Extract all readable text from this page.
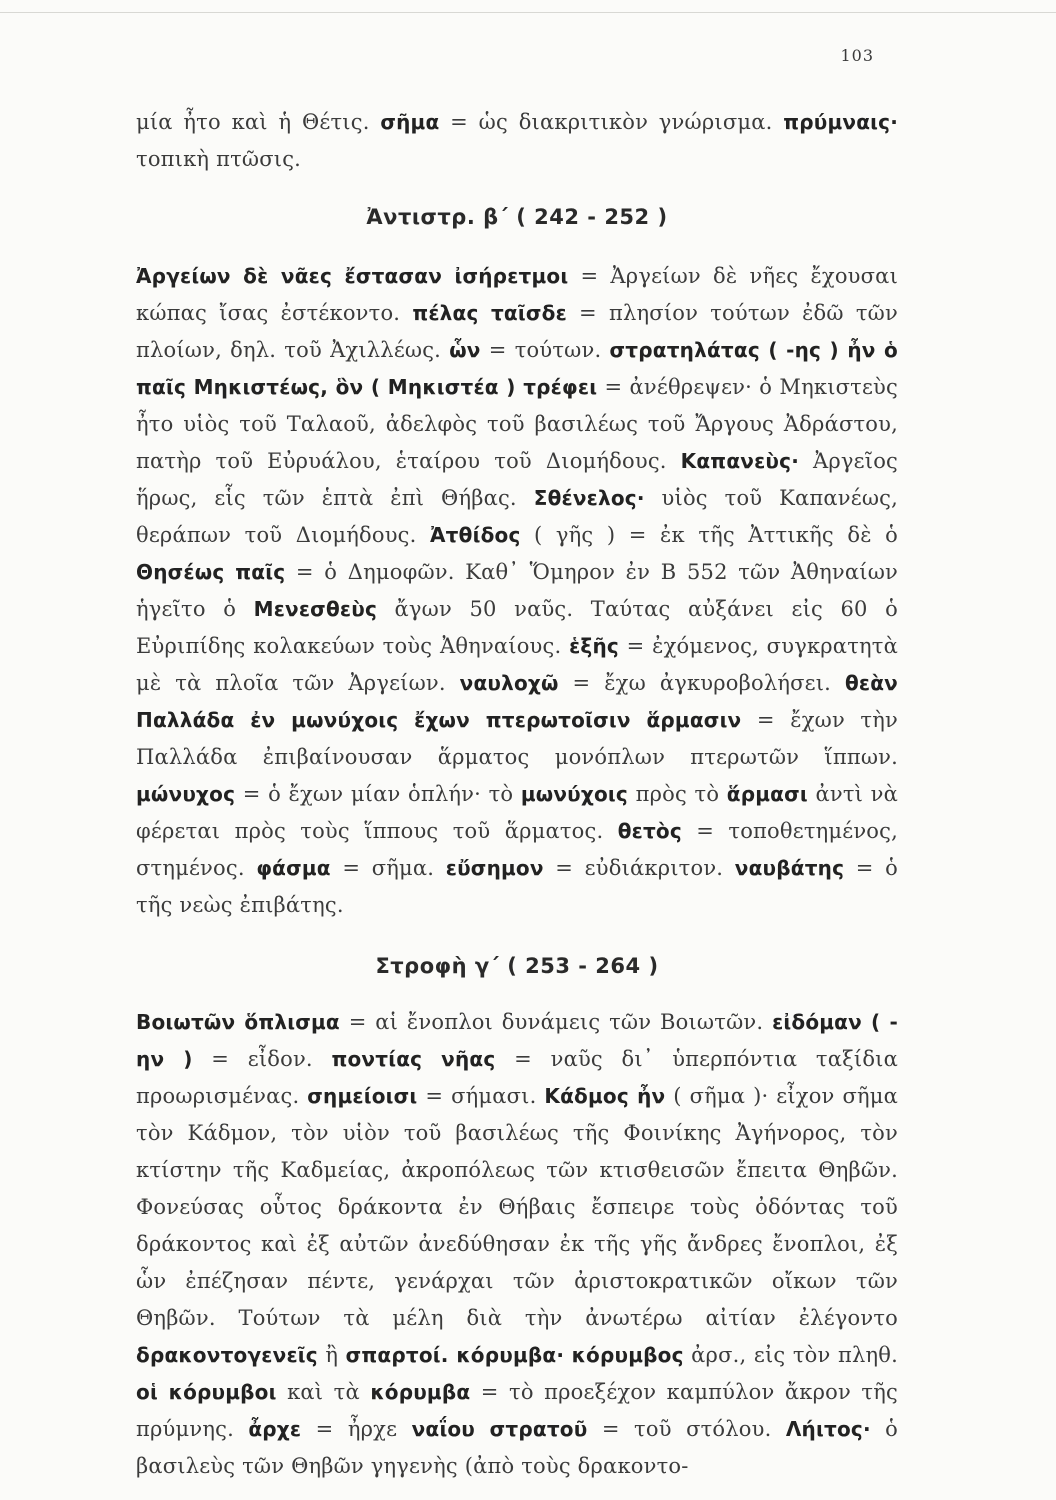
103

μία ἦτο καὶ ἡ Θέτις. σῆμα = ὡς διακριτικὸν γνώρισμα. πρύμναις· τοπικὴ πτῶσις.

Ἀντιστρ. β΄ ( 242 - 252 )

Ἀργείων δὲ νᾶες ἔστασαν ἰσήρετμοι = Ἀργείων δὲ νῆες ἔχουσαι κώπας ἴσας ἐστέκοντο. πέλας ταῖσδε = πλησίον τούτων ἐδῶ τῶν πλοίων, δηλ. τοῦ Ἀχιλλέως. ὧν = τούτων. στρατηλάτας ( -ης ) ἦν ὁ παῖς Μηκιστέως, ὃν ( Μηκιστέα ) τρέφει = ἀνέθρεψεν· ὁ Μηκιστεὺς ἦτο υἱὸς τοῦ Ταλαοῦ, ἀδελφὸς τοῦ βασιλέως τοῦ Ἄργους Ἀδράστου, πατὴρ τοῦ Εὐρυάλου, ἑταίρου τοῦ Διομήδους. Καπανεὺς· Ἀργεῖος ἥρως, εἷς τῶν ἑπτὰ ἐπὶ Θήβας. Σθένελος· υἱὸς τοῦ Καπανέως, θεράπων τοῦ Διομήδους. Ἀτθίδος ( γῆς ) = ἐκ τῆς Ἀττικῆς δὲ ὁ Θησέως παῖς = ὁ Δημοφῶν. Καθ᾿ Ὅμηρον ἐν Β 552 τῶν Ἀθηναίων ἡγεῖτο ὁ Μενεσθεὺς ἄγων 50 ναῦς. Ταύτας αὐξάνει εἰς 60 ὁ Εὐριπίδης κολακεύων τοὺς Ἀθηναίους. ἑξῆς = ἐχόμενος, συγκρατητὰ μὲ τὰ πλοῖα τῶν Ἀργείων. ναυλοχῶ = ἔχω ἀγκυροβολήσει. θεὰν Παλλάδα ἐν μωνύχοις ἔχων πτερωτοῖσιν ἅρμασιν = ἔχων τὴν Παλλάδα ἐπιβαίνουσαν ἅρματος μονόπλων πτερωτῶν ἵππων. μώνυχος = ὁ ἔχων μίαν ὁπλήν· τὸ μωνύχοις πρὸς τὸ ἅρμασι ἀντὶ νὰ φέρεται πρὸς τοὺς ἵππους τοῦ ἅρματος. θετὸς = τοποθετημένος, στημένος. φάσμα = σῆμα. εὔσημον = εὐδιάκριτον. ναυβάτης = ὁ τῆς νεὼς ἐπιβάτης.

Στροφὴ γ΄ ( 253 - 264 )

Βοιωτῶν ὅπλισμα = αἱ ἔνοπλοι δυνάμεις τῶν Βοιωτῶν. εἰδόμαν ( -ην ) = εἶδον. ποντίας νῆας = ναῦς δι᾿ ὑπερπόντια ταξίδια προωρισμένας. σημείοισι = σήμασι. Κάδμος ἦν ( σῆμα )· εἶχον σῆμα τὸν Κάδμον, τὸν υἱὸν τοῦ βασιλέως τῆς Φοινίκης Ἀγήνορος, τὸν κτίστην τῆς Καδμείας, ἀκροπόλεως τῶν κτισθεισῶν ἔπειτα Θηβῶν. Φονεύσας οὗτος δράκοντα ἐν Θήβαις ἔσπειρε τοὺς ὀδόντας τοῦ δράκοντος καὶ ἐξ αὐτῶν ἀνεδύθησαν ἐκ τῆς γῆς ἄνδρες ἔνοπλοι, ἐξ ὧν ἐπέζησαν πέντε, γενάρχαι τῶν ἀριστοκρατικῶν οἴκων τῶν Θηβῶν. Τούτων τὰ μέλη διὰ τὴν ἀνωτέρω αἰτίαν ἐλέγοντο δρακοντογενεῖς ἢ σπαρτοί. κόρυμβα· κόρυμβος ἀρσ., εἰς τὸν πληθ. οἱ κόρυμβοι καὶ τὰ κόρυμβα = τὸ προεξέχον καμπύλον ἄκρον τῆς πρύμνης. ἆρχε = ἦρχε ναΐου στρατοῦ = τοῦ στόλου. Λήιτος· ὁ βασιλεὺς τῶν Θηβῶν γηγενὴς (ἀπὸ τοὺς δρακοντο-
